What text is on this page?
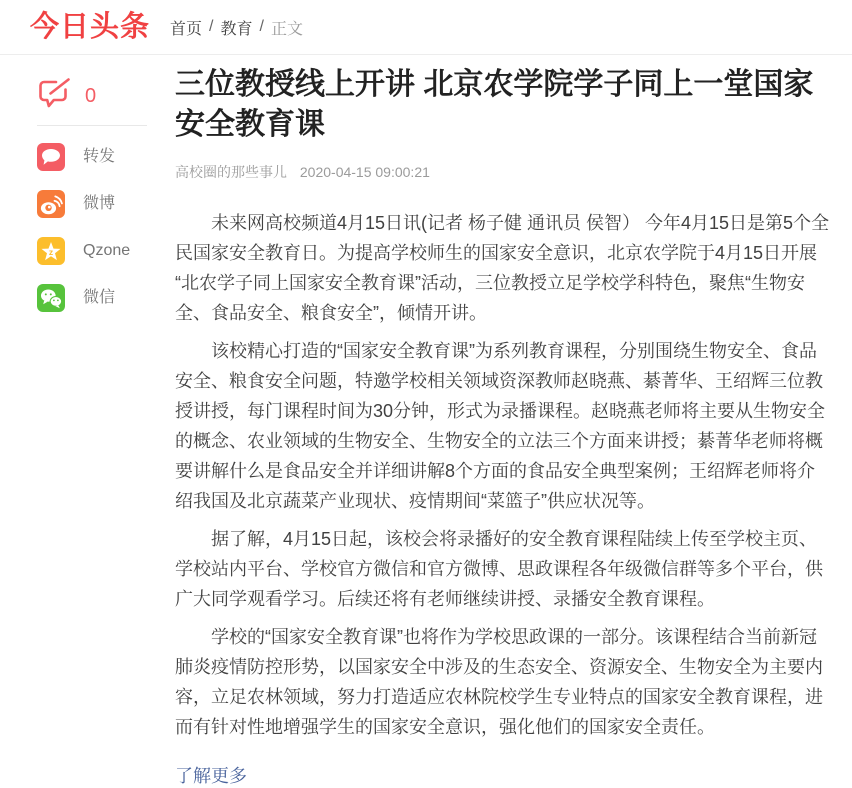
今日头条 首页 / 教育 / 正文
0
转发
微博
z Qzone
微信
三位教授线上开讲 北京农学院学子同上一堂国家安全教育课
高校圈的那些事儿 2020-04-15 09:00:21

未来网高校频道4月15日讯(记者 杨子健 通讯员 侯智） 今年4月15日是第5个全民国家安全教育日。为提高学校师生的国家安全意识，北京农学院于4月15日开展“北农学子同上国家安全教育课”活动，三位教授立足学校学科特色，聚焦“生物安全、食品安全、粮食安全”，倾情开讲。

该校精心打造的“国家安全教育课”为系列教育课程，分别围绕生物安全、食品安全、粮食安全问题，特邀学校相关领域资深教师赵晓燕、綦菁华、王绍辉三位教授讲授，每门课程时间为30分钟，形式为录播课程。赵晓燕老师将主要从生物安全的概念、农业领域的生物安全、生物安全的立法三个方面来讲授；綦菁华老师将概要讲解什么是食品安全并详细讲解8个方面的食品安全典型案例；王绍辉老师将介绍我国及北京蔬菜产业现状、疫情期间“菜篮子”供应状况等。

据了解，4月15日起，该校会将录播好的安全教育课程陆续上传至学校主页、学校站内平台、学校官方微信和官方微博、思政课程各年级微信群等多个平台，供广大同学观看学习。后续还将有老师继续讲授、录播安全教育课程。

学校的“国家安全教育课”也将作为学校思政课的一部分。该课程结合当前新冠肺炎疫情防控形势，以国家安全中涉及的生态安全、资源安全、生物安全为主要内容，立足农林领域，努力打造适应农林院校学生专业特点的国家安全教育课程，进而有针对性地增强学生的国家安全意识，强化他们的国家安全责任。

了解更多
